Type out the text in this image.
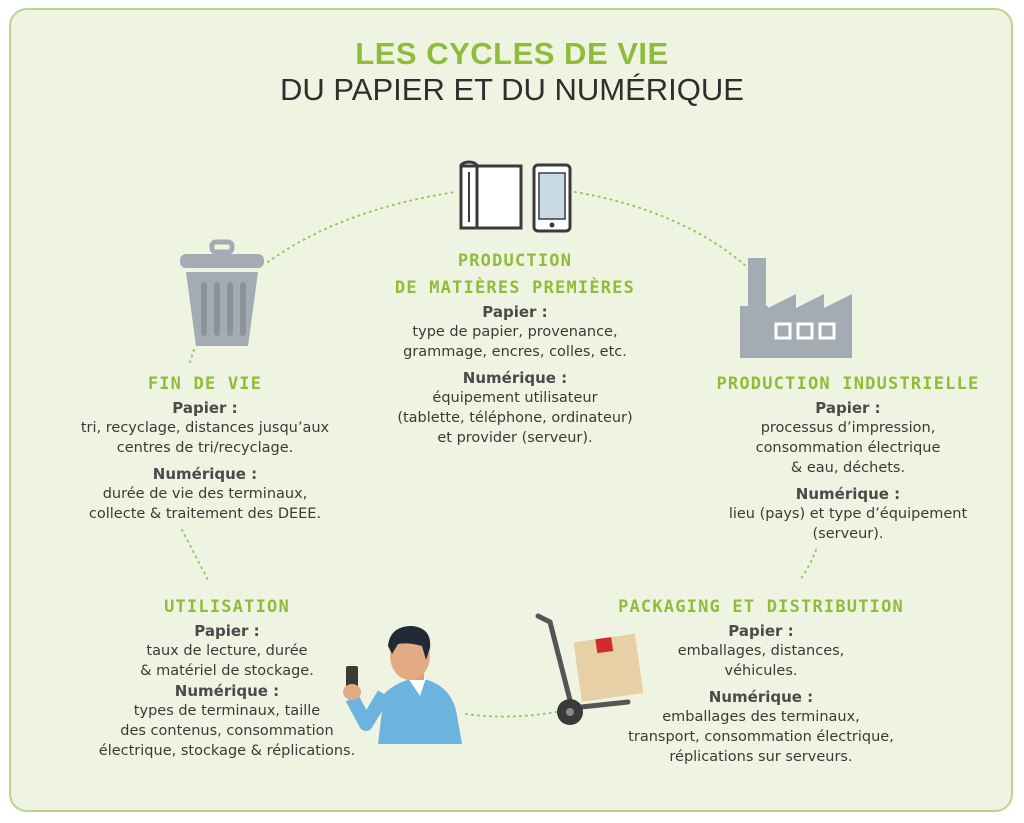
LES CYCLES DE VIE
DU PAPIER ET DU NUMÉRIQUE
PRODUCTION
DE MATIÈRES PREMIÈRES
Papier :
type de papier, provenance,
grammage, encres, colles, etc.
Numérique :
équipement utilisateur
(tablette, téléphone, ordinateur)
et provider (serveur).
PRODUCTION INDUSTRIELLE
Papier :
processus d’impression,
consommation électrique
& eau, déchets.
Numérique :
lieu (pays) et type d’équipement
(serveur).
FIN DE VIE
Papier :
tri, recyclage, distances jusqu’aux
centres de tri/recyclage.
Numérique :
durée de vie des terminaux,
collecte & traitement des DEEE.
UTILISATION
Papier :
taux de lecture, durée
& matériel de stockage.
Numérique :
types de terminaux, taille
des contenus, consommation
électrique, stockage & réplications.
PACKAGING ET DISTRIBUTION
Papier :
emballages, distances,
véhicules.
Numérique :
emballages des terminaux,
transport, consommation électrique,
réplications sur serveurs.
